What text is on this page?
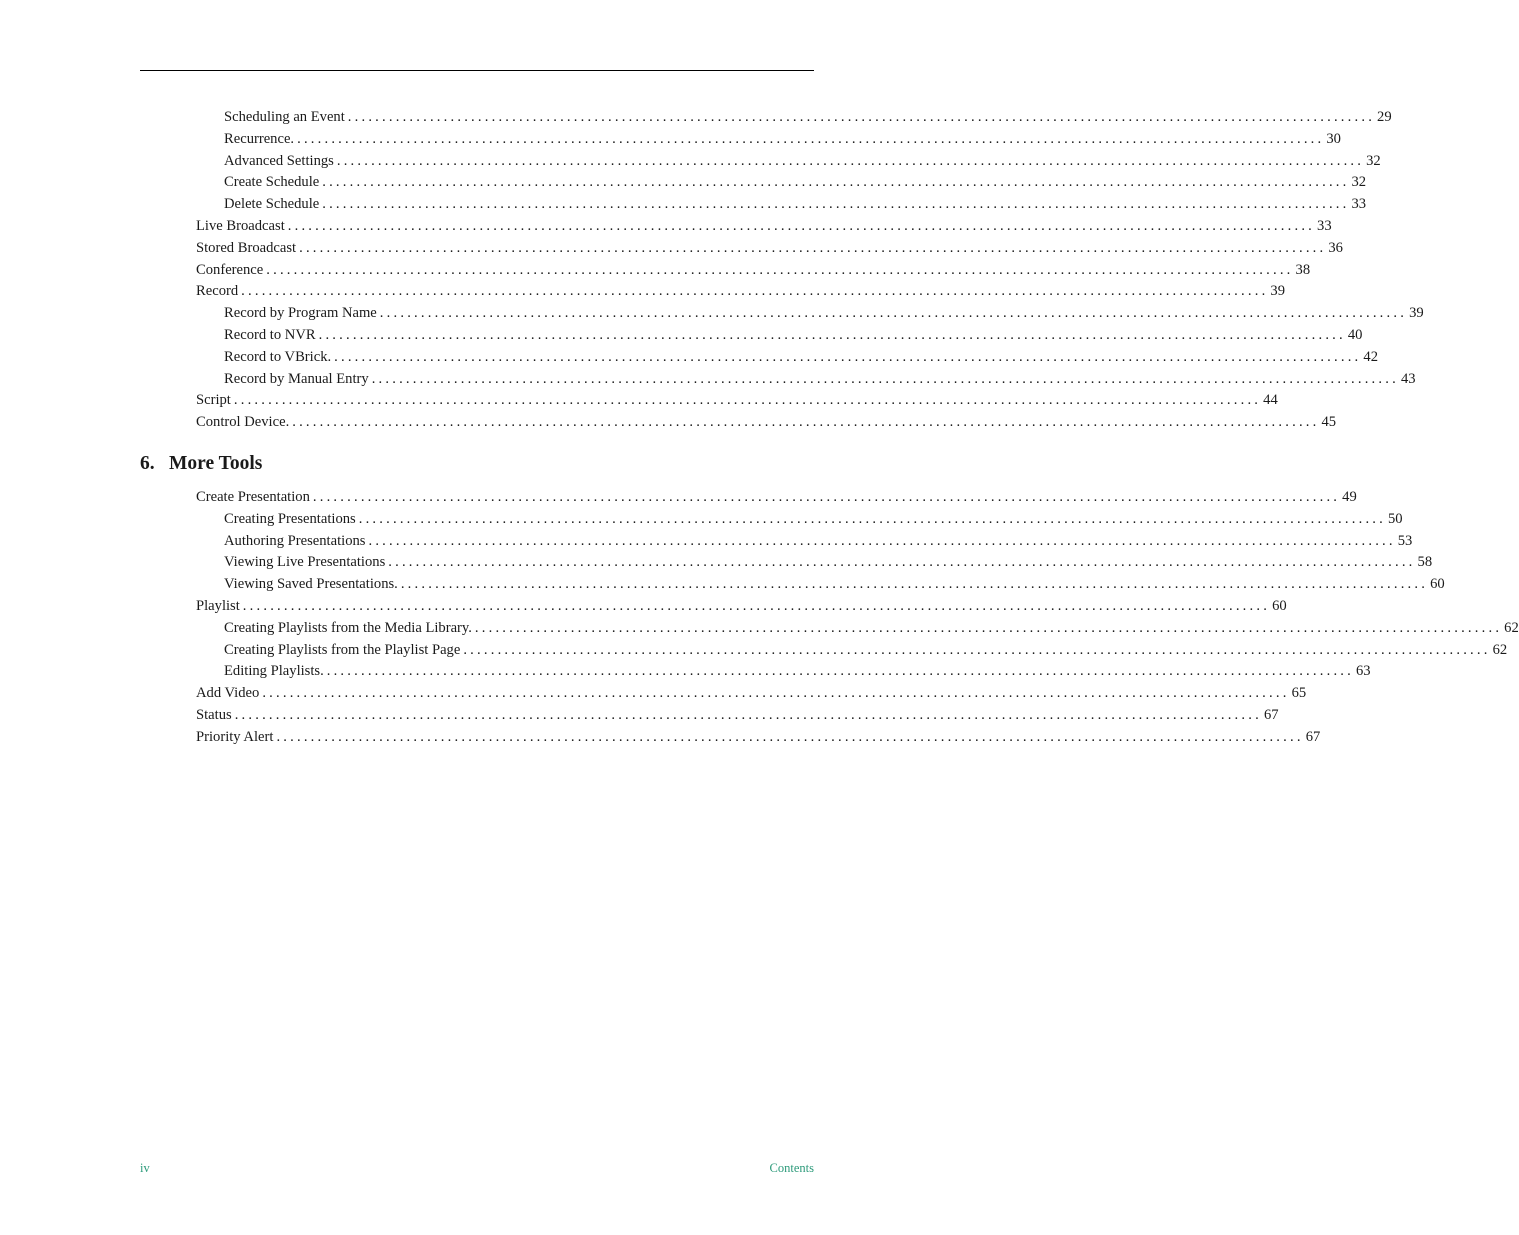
Scheduling an Event ...................................................................................................................................................... 29
Recurrence. ...................................................................................................................................................... 30
Advanced Settings ...................................................................................................................................................... 32
Create Schedule ...................................................................................................................................................... 32
Delete Schedule ...................................................................................................................................................... 33
Live Broadcast ...................................................................................................................................................... 33
Stored Broadcast ...................................................................................................................................................... 36
Conference ...................................................................................................................................................... 38
Record ...................................................................................................................................................... 39
Record by Program Name ...................................................................................................................................................... 39
Record to NVR ...................................................................................................................................................... 40
Record to VBrick. ...................................................................................................................................................... 42
Record by Manual Entry ...................................................................................................................................................... 43
Script ...................................................................................................................................................... 44
Control Device. ...................................................................................................................................................... 45
6. More Tools
Create Presentation ...................................................................................................................................................... 49
Creating Presentations ...................................................................................................................................................... 50
Authoring Presentations ...................................................................................................................................................... 53
Viewing Live Presentations ...................................................................................................................................................... 58
Viewing Saved Presentations. ...................................................................................................................................................... 60
Playlist ...................................................................................................................................................... 60
Creating Playlists from the Media Library. ...................................................................................................................................................... 62
Creating Playlists from the Playlist Page ...................................................................................................................................................... 62
Editing Playlists. ...................................................................................................................................................... 63
Add Video ...................................................................................................................................................... 65
Status ...................................................................................................................................................... 67
Priority Alert ...................................................................................................................................................... 67
iv	Contents
